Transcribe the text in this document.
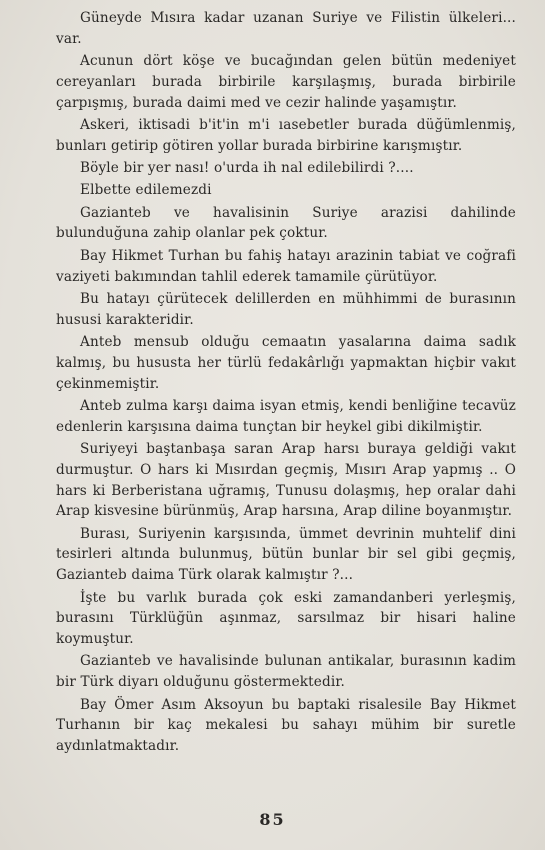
Güneyde Mısıra kadar uzanan Suriye ve Filistin ülkeleri... var.

Acunun dört köşe ve bucağından gelen bütün medeniyet cereyanları burada birbirile karşılaşmış, burada birbirile çarpışmış, burada daimi med ve cezir halinde yaşamıştır.

Askeri, iktisadi b'it'in m'i ıasebetler burada düğümlenmiş, bunları getirip götiren yollar burada birbirine karışmıştır.

Böyle bir yer nası! o'urda ih nal edilebilirdi ?....

Elbette edilemezdi

Gazianteb ve havalisinin Suriye arazisi dahilinde bulunduğuna zahip olanlar pek çoktur.

Bay Hikmet Turhan bu fahiş hatayı arazinin tabiat ve coğrafi vaziyeti bakımından tahlil ederek tamamile çürütüyor.

Bu hatayı çürütecek delillerden en mühhimmi de burasının hususi karakteridir.

Anteb mensub olduğu cemaatın yasalarına daima sadık kalmış, bu hususta her türlü fedakârlığı yapmaktan hiçbir vakıt çekinmemiştir.

Anteb zulma karşı daima isyan etmiş, kendi benliğine tecavüz edenlerin karşısına daima tunçtan bir heykel gibi dikilmiştir.

Suriyeyi baştanbaşa saran Arap harsı buraya geldiği vakıt durmuştur. O hars ki Mısırdan geçmiş, Mısırı Arap yapmış .. O hars ki Berberistana uğramış, Tunusu dolaşmış, hep oralar dahi Arap kisvesine bürünmüş, Arap harsına, Arap diline boyanmıştır.

Burası, Suriyenin karşısında, ümmet devrinin muhtelif dini tesirleri altında bulunmuş, bütün bunlar bir sel gibi geçmiş, Gazianteb daima Türk olarak kalmıştır ?...

İşte bu varlık burada çok eski zamandanberi yerleşmiş, burasını Türklüğün aşınmaz, sarsılmaz bir hisari haline koymuştur.

Gazianteb ve havalisinde bulunan antikalar, burasının kadim bir Türk diyarı olduğunu göstermektedir.

Bay Ömer Asım Aksoyun bu baptaki risalesile Bay Hikmet Turhanın bir kaç mekalesi bu sahayı mühim bir suretle aydınlatmaktadır.

85
